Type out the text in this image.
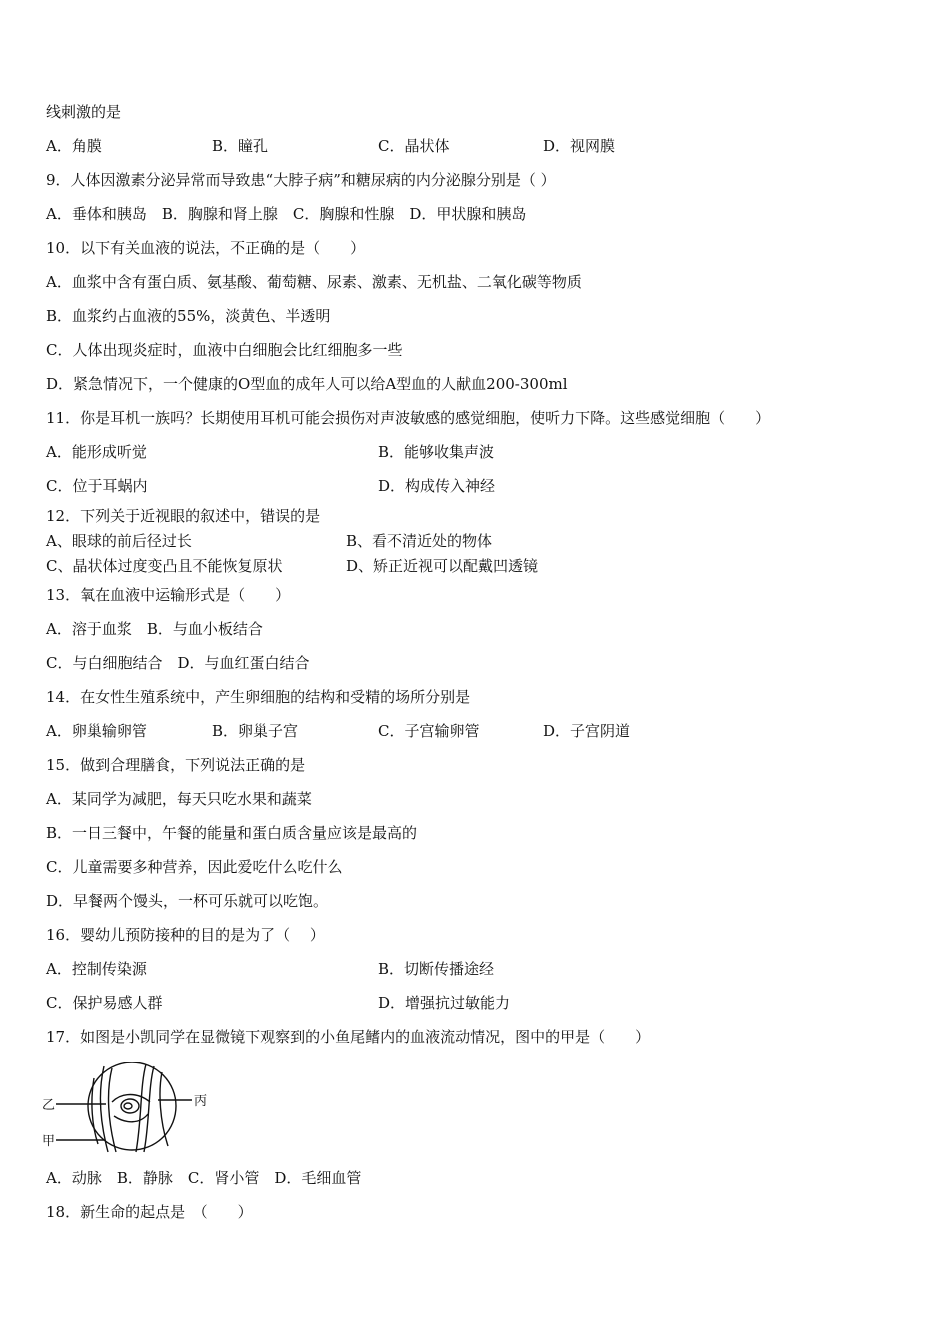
线刺激的是
A．角膜	B．瞳孔	C．晶状体	D．视网膜
9．人体因激素分泌异常而导致患“大脖子病”和糖尿病的内分泌腺分别是（ ）
A．垂体和胰岛　B．胸腺和肾上腺　C．胸腺和性腺　D．甲状腺和胰岛
10．以下有关血液的说法，不正确的是（　　）
A．血浆中含有蛋白质、氨基酸、葡萄糖、尿素、激素、无机盐、二氧化碳等物质
B．血浆约占血液的55%，淡黄色、半透明
C．人体出现炎症时，血液中白细胞会比红细胞多一些
D．紧急情况下，一个健康的O型血的成年人可以给A型血的人献血200-300ml
11．你是耳机一族吗？长期使用耳机可能会损伤对声波敏感的感觉细胞，使听力下降。这些感觉细胞（　　）
A．能形成听觉	B．能够收集声波
C．位于耳蜗内	D．构成传入神经
12．下列关于近视眼的叙述中，错误的是
A、眼球的前后径过长	B、看不清近处的物体
C、晶状体过度变凸且不能恢复原状	D、矫正近视可以配戴凹透镜
13．氧在血液中运输形式是（　　）
A．溶于血浆　B．与血小板结合
C．与白细胞结合　D．与血红蛋白结合
14．在女性生殖系统中，产生卵细胞的结构和受精的场所分别是
A．卵巢输卵管	B．卵巢子宫	C．子宫输卵管	D．子宫阴道
15．做到合理膳食，下列说法正确的是
A．某同学为减肥，每天只吃水果和蔬菜
B．一日三餐中，午餐的能量和蛋白质含量应该是最高的
C．儿童需要多种营养，因此爱吃什么吃什么
D．早餐两个馒头，一杯可乐就可以吃饱。
16．婴幼儿预防接种的目的是为了（　 ）
A．控制传染源	B．切断传播途经
C．保护易感人群	D．增强抗过敏能力
17．如图是小凯同学在显微镜下观察到的小鱼尾鳍内的血液流动情况，图中的甲是（　　）
乙
甲
丙
A．动脉　B．静脉　C．肾小管　D．毛细血管
18．新生命的起点是　（　　）
